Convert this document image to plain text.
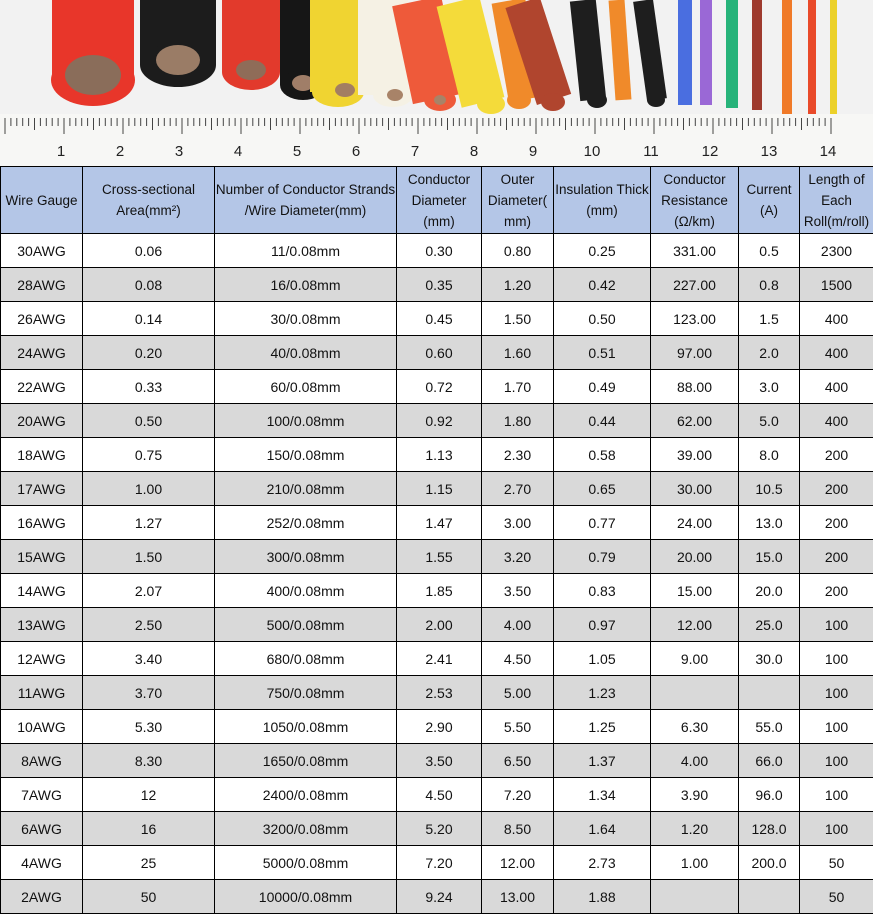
1	2	3	4	5	6	7	8	9	10	11	12	13	14
Wire Gauge	Cross-sectional Area(mm²)	Number of Conductor Strands /Wire Diameter(mm)	Conductor Diameter (mm)	Outer Diameter( mm)	Insulation Thick (mm)	Conductor Resistance (Ω/km)	Current (A)	Length of Each Roll(m/roll)
30AWG	0.06	11/0.08mm	0.30	0.80	0.25	331.00	0.5	2300
28AWG	0.08	16/0.08mm	0.35	1.20	0.42	227.00	0.8	1500
26AWG	0.14	30/0.08mm	0.45	1.50	0.50	123.00	1.5	400
24AWG	0.20	40/0.08mm	0.60	1.60	0.51	97.00	2.0	400
22AWG	0.33	60/0.08mm	0.72	1.70	0.49	88.00	3.0	400
20AWG	0.50	100/0.08mm	0.92	1.80	0.44	62.00	5.0	400
18AWG	0.75	150/0.08mm	1.13	2.30	0.58	39.00	8.0	200
17AWG	1.00	210/0.08mm	1.15	2.70	0.65	30.00	10.5	200
16AWG	1.27	252/0.08mm	1.47	3.00	0.77	24.00	13.0	200
15AWG	1.50	300/0.08mm	1.55	3.20	0.79	20.00	15.0	200
14AWG	2.07	400/0.08mm	1.85	3.50	0.83	15.00	20.0	200
13AWG	2.50	500/0.08mm	2.00	4.00	0.97	12.00	25.0	100
12AWG	3.40	680/0.08mm	2.41	4.50	1.05	9.00	30.0	100
11AWG	3.70	750/0.08mm	2.53	5.00	1.23			100
10AWG	5.30	1050/0.08mm	2.90	5.50	1.25	6.30	55.0	100
8AWG	8.30	1650/0.08mm	3.50	6.50	1.37	4.00	66.0	100
7AWG	12	2400/0.08mm	4.50	7.20	1.34	3.90	96.0	100
6AWG	16	3200/0.08mm	5.20	8.50	1.64	1.20	128.0	100
4AWG	25	5000/0.08mm	7.20	12.00	2.73	1.00	200.0	50
2AWG	50	10000/0.08mm	9.24	13.00	1.88			50
